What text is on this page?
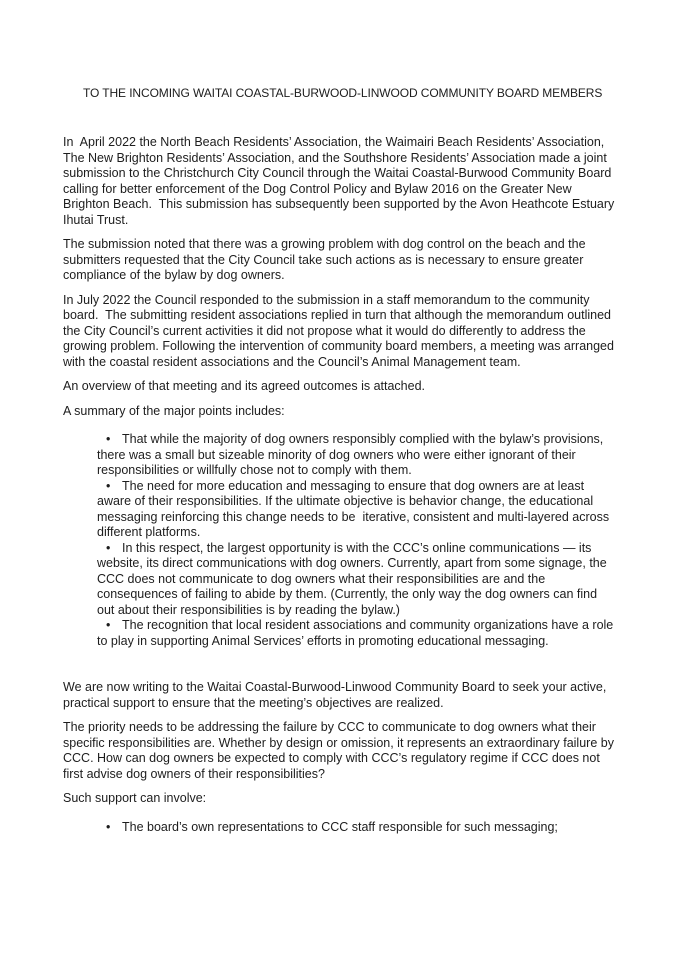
TO THE INCOMING WAITAI COASTAL-BURWOOD-LINWOOD COMMUNITY BOARD MEMBERS

In  April 2022 the North Beach Residents’ Association, the Waimairi Beach Residents’ Association, The New Brighton Residents’ Association, and the Southshore Residents’ Association made a joint submission to the Christchurch City Council through the Waitai Coastal-Burwood Community Board calling for better enforcement of the Dog Control Policy and Bylaw 2016 on the Greater New Brighton Beach.  This submission has subsequently been supported by the Avon Heathcote Estuary Ihutai Trust.

The submission noted that there was a growing problem with dog control on the beach and the submitters requested that the City Council take such actions as is necessary to ensure greater compliance of the bylaw by dog owners.

In July 2022 the Council responded to the submission in a staff memorandum to the community board.  The submitting resident associations replied in turn that although the memorandum outlined the City Council’s current activities it did not propose what it would do differently to address the growing problem. Following the intervention of community board members, a meeting was arranged with the coastal resident associations and the Council’s Animal Management team.

An overview of that meeting and its agreed outcomes is attached.

A summary of the major points includes:

• That while the majority of dog owners responsibly complied with the bylaw’s provisions, there was a small but sizeable minority of dog owners who were either ignorant of their responsibilities or willfully chose not to comply with them.
• The need for more education and messaging to ensure that dog owners are at least aware of their responsibilities. If the ultimate objective is behavior change, the educational messaging reinforcing this change needs to be  iterative, consistent and multi-layered across different platforms.
• In this respect, the largest opportunity is with the CCC’s online communications — its website, its direct communications with dog owners. Currently, apart from some signage, the CCC does not communicate to dog owners what their responsibilities are and the consequences of failing to abide by them. (Currently, the only way the dog owners can find out about their responsibilities is by reading the bylaw.)
• The recognition that local resident associations and community organizations have a role to play in supporting Animal Services’ efforts in promoting educational messaging.

We are now writing to the Waitai Coastal-Burwood-Linwood Community Board to seek your active, practical support to ensure that the meeting’s objectives are realized.

The priority needs to be addressing the failure by CCC to communicate to dog owners what their specific responsibilities are. Whether by design or omission, it represents an extraordinary failure by CCC. How can dog owners be expected to comply with CCC’s regulatory regime if CCC does not first advise dog owners of their responsibilities?

Such support can involve:

• The board’s own representations to CCC staff responsible for such messaging;
